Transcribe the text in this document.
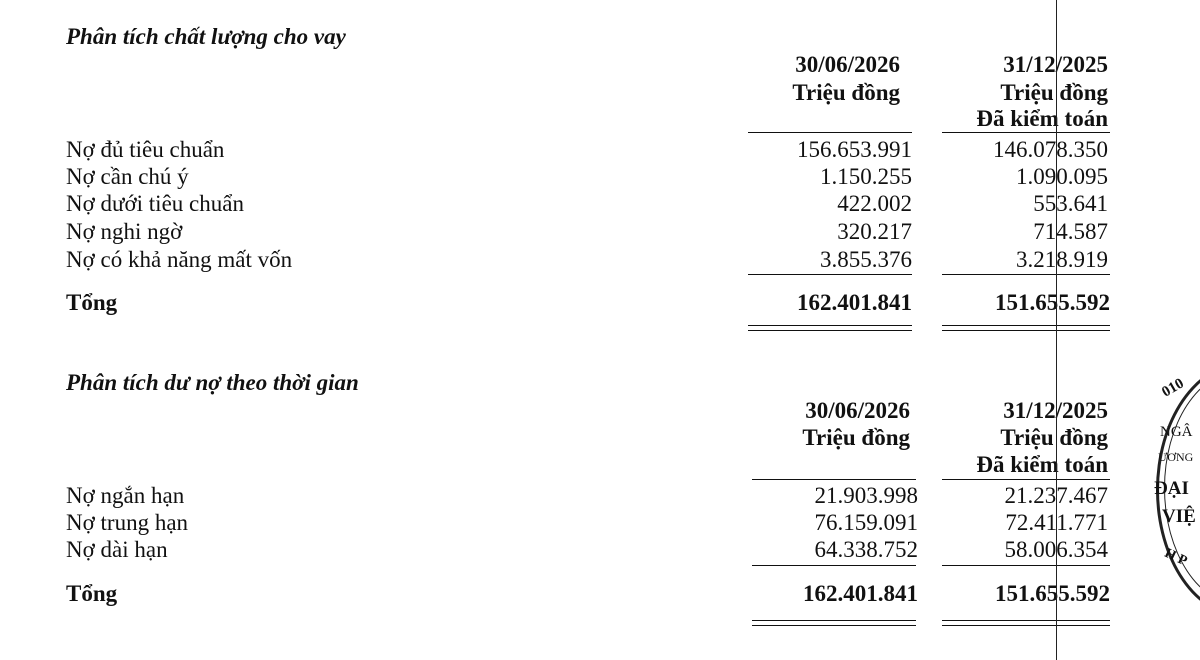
Phân tích chất lượng cho vay
30/06/2026
Triệu đồng
31/12/2025
Triệu đồng
Đã kiểm toán
Nợ đủ tiêu chuẩn	156.653.991	146.078.350
Nợ cần chú ý	1.150.255	1.090.095
Nợ dưới tiêu chuẩn	422.002	553.641
Nợ nghi ngờ	320.217	714.587
Nợ có khả năng mất vốn	3.855.376	3.218.919
Tổng	162.401.841	151.655.592
Phân tích dư nợ theo thời gian
30/06/2026
Triệu đồng
31/12/2025
Triệu đồng
Đã kiểm toán
Nợ ngắn hạn	21.903.998	21.237.467
Nợ trung hạn	76.159.091	72.411.771
Nợ dài hạn	64.338.752	58.006.354
Tổng	162.401.841	151.655.592
010
NGÂ
ƯƠNG
ĐẠI
VIỆ
H P
